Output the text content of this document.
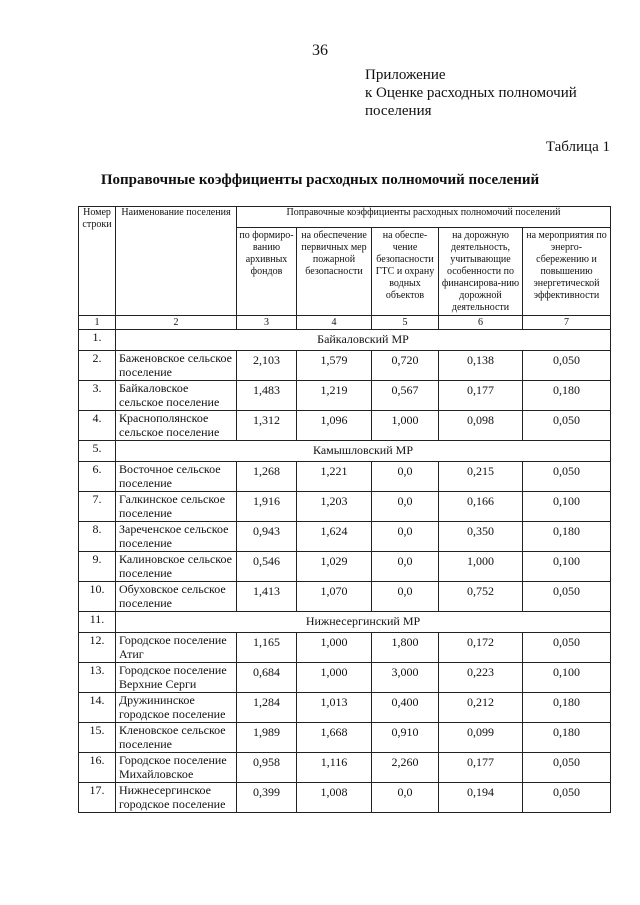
36
Приложение
к Оценке расходных полномочий
поселения
Таблица 1
Поправочные коэффициенты расходных полномочий поселений
Номер строки	Наименование поселения	Поправочные коэффициенты расходных полномочий поселений				
		по формиро-ванию архивных фондов	на обеспечение первичных мер пожарной безопасности	на обеспе-чение безопасности ГТС и охрану водных объектов	на дорожную деятельность, учитывающие особенности по финансирова-нию дорожной деятельности	на мероприятия по энерго-сбережению и повышению энергетической эффективности
1	2	3	4	5	6	7
1.	Байкаловский МР					
2.	Баженовское сельское поселение	2,103	1,579	0,720	0,138	0,050
3.	Байкаловское сельское поселение	1,483	1,219	0,567	0,177	0,180
4.	Краснополянское сельское поселение	1,312	1,096	1,000	0,098	0,050
5.	Камышловский МР					
6.	Восточное сельское поселение	1,268	1,221	0,0	0,215	0,050
7.	Галкинское сельское поселение	1,916	1,203	0,0	0,166	0,100
8.	Зареченское сельское поселение	0,943	1,624	0,0	0,350	0,180
9.	Калиновское сельское поселение	0,546	1,029	0,0	1,000	0,100
10.	Обуховское сельское поселение	1,413	1,070	0,0	0,752	0,050
11.	Нижнесергинский МР					
12.	Городское поселение Атиг	1,165	1,000	1,800	0,172	0,050
13.	Городское поселение Верхние Серги	0,684	1,000	3,000	0,223	0,100
14.	Дружининское городское поселение	1,284	1,013	0,400	0,212	0,180
15.	Кленовское сельское поселение	1,989	1,668	0,910	0,099	0,180
16.	Городское поселение Михайловское	0,958	1,116	2,260	0,177	0,050
17.	Нижнесергинское городское поселение	0,399	1,008	0,0	0,194	0,050
